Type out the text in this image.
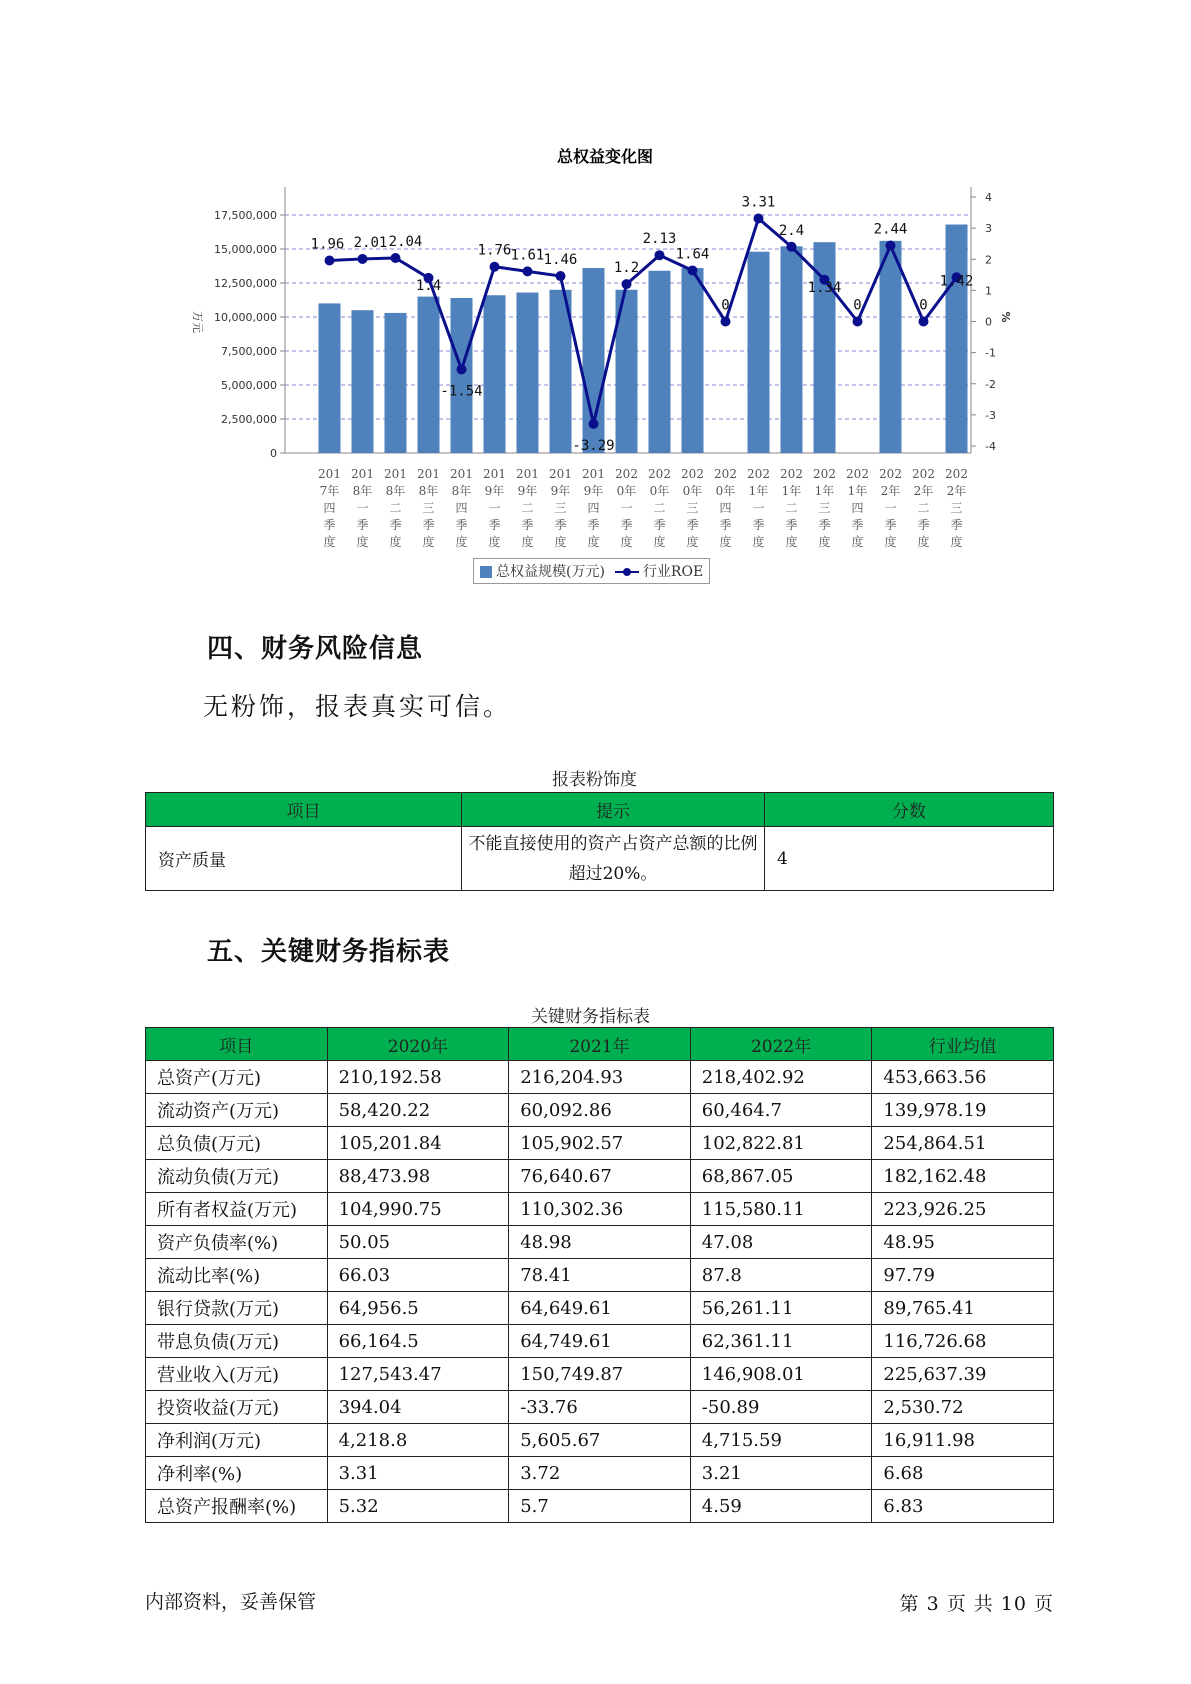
总权益变化图
0
2,500,000
5,000,000
7,500,000
10,000,000
12,500,000
15,000,000
17,500,000
-4
-3
-2
-1
0
1
2
3
4
万元	%
201
7年
四
季
度
201
8年
一
季
度
201
8年
二
季
度
201
8年
三
季
度
201
8年
四
季
度
201
9年
一
季
度
201
9年
二
季
度
201
9年
三
季
度
201
9年
四
季
度
202
0年
一
季
度
202
0年
二
季
度
202
0年
三
季
度
202
0年
四
季
度
202
1年
一
季
度
202
1年
二
季
度
202
1年
三
季
度
202
1年
四
季
度
202
2年
一
季
度
202
2年
二
季
度
202
2年
三
季
度
1.96 2.01 2.04
1.4
-1.54
1.76 1.61 1.46
-3.29
1.2
2.13
1.64
0
3.31
2.4
1.34
0
2.44
0
1.42
总权益规模(万元)	行业ROE
四、财务风险信息
无粉饰，报表真实可信。
报表粉饰度
项目	提示	分数
资产质量	不能直接使用的资产占资产总额的比例超过20%。	4
五、关键财务指标表
关键财务指标表
项目	2020年	2021年	2022年	行业均值
总资产(万元)	210,192.58	216,204.93	218,402.92	453,663.56
流动资产(万元)	58,420.22	60,092.86	60,464.7	139,978.19
总负债(万元)	105,201.84	105,902.57	102,822.81	254,864.51
流动负债(万元)	88,473.98	76,640.67	68,867.05	182,162.48
所有者权益(万元)	104,990.75	110,302.36	115,580.11	223,926.25
资产负债率(%)	50.05	48.98	47.08	48.95
流动比率(%)	66.03	78.41	87.8	97.79
银行贷款(万元)	64,956.5	64,649.61	56,261.11	89,765.41
带息负债(万元)	66,164.5	64,749.61	62,361.11	116,726.68
营业收入(万元)	127,543.47	150,749.87	146,908.01	225,637.39
投资收益(万元)	394.04	-33.76	-50.89	2,530.72
净利润(万元)	4,218.8	5,605.67	4,715.59	16,911.98
净利率(%)	3.31	3.72	3.21	6.68
总资产报酬率(%)	5.32	5.7	4.59	6.83
内部资料，妥善保管	第 3 页 共 10 页
